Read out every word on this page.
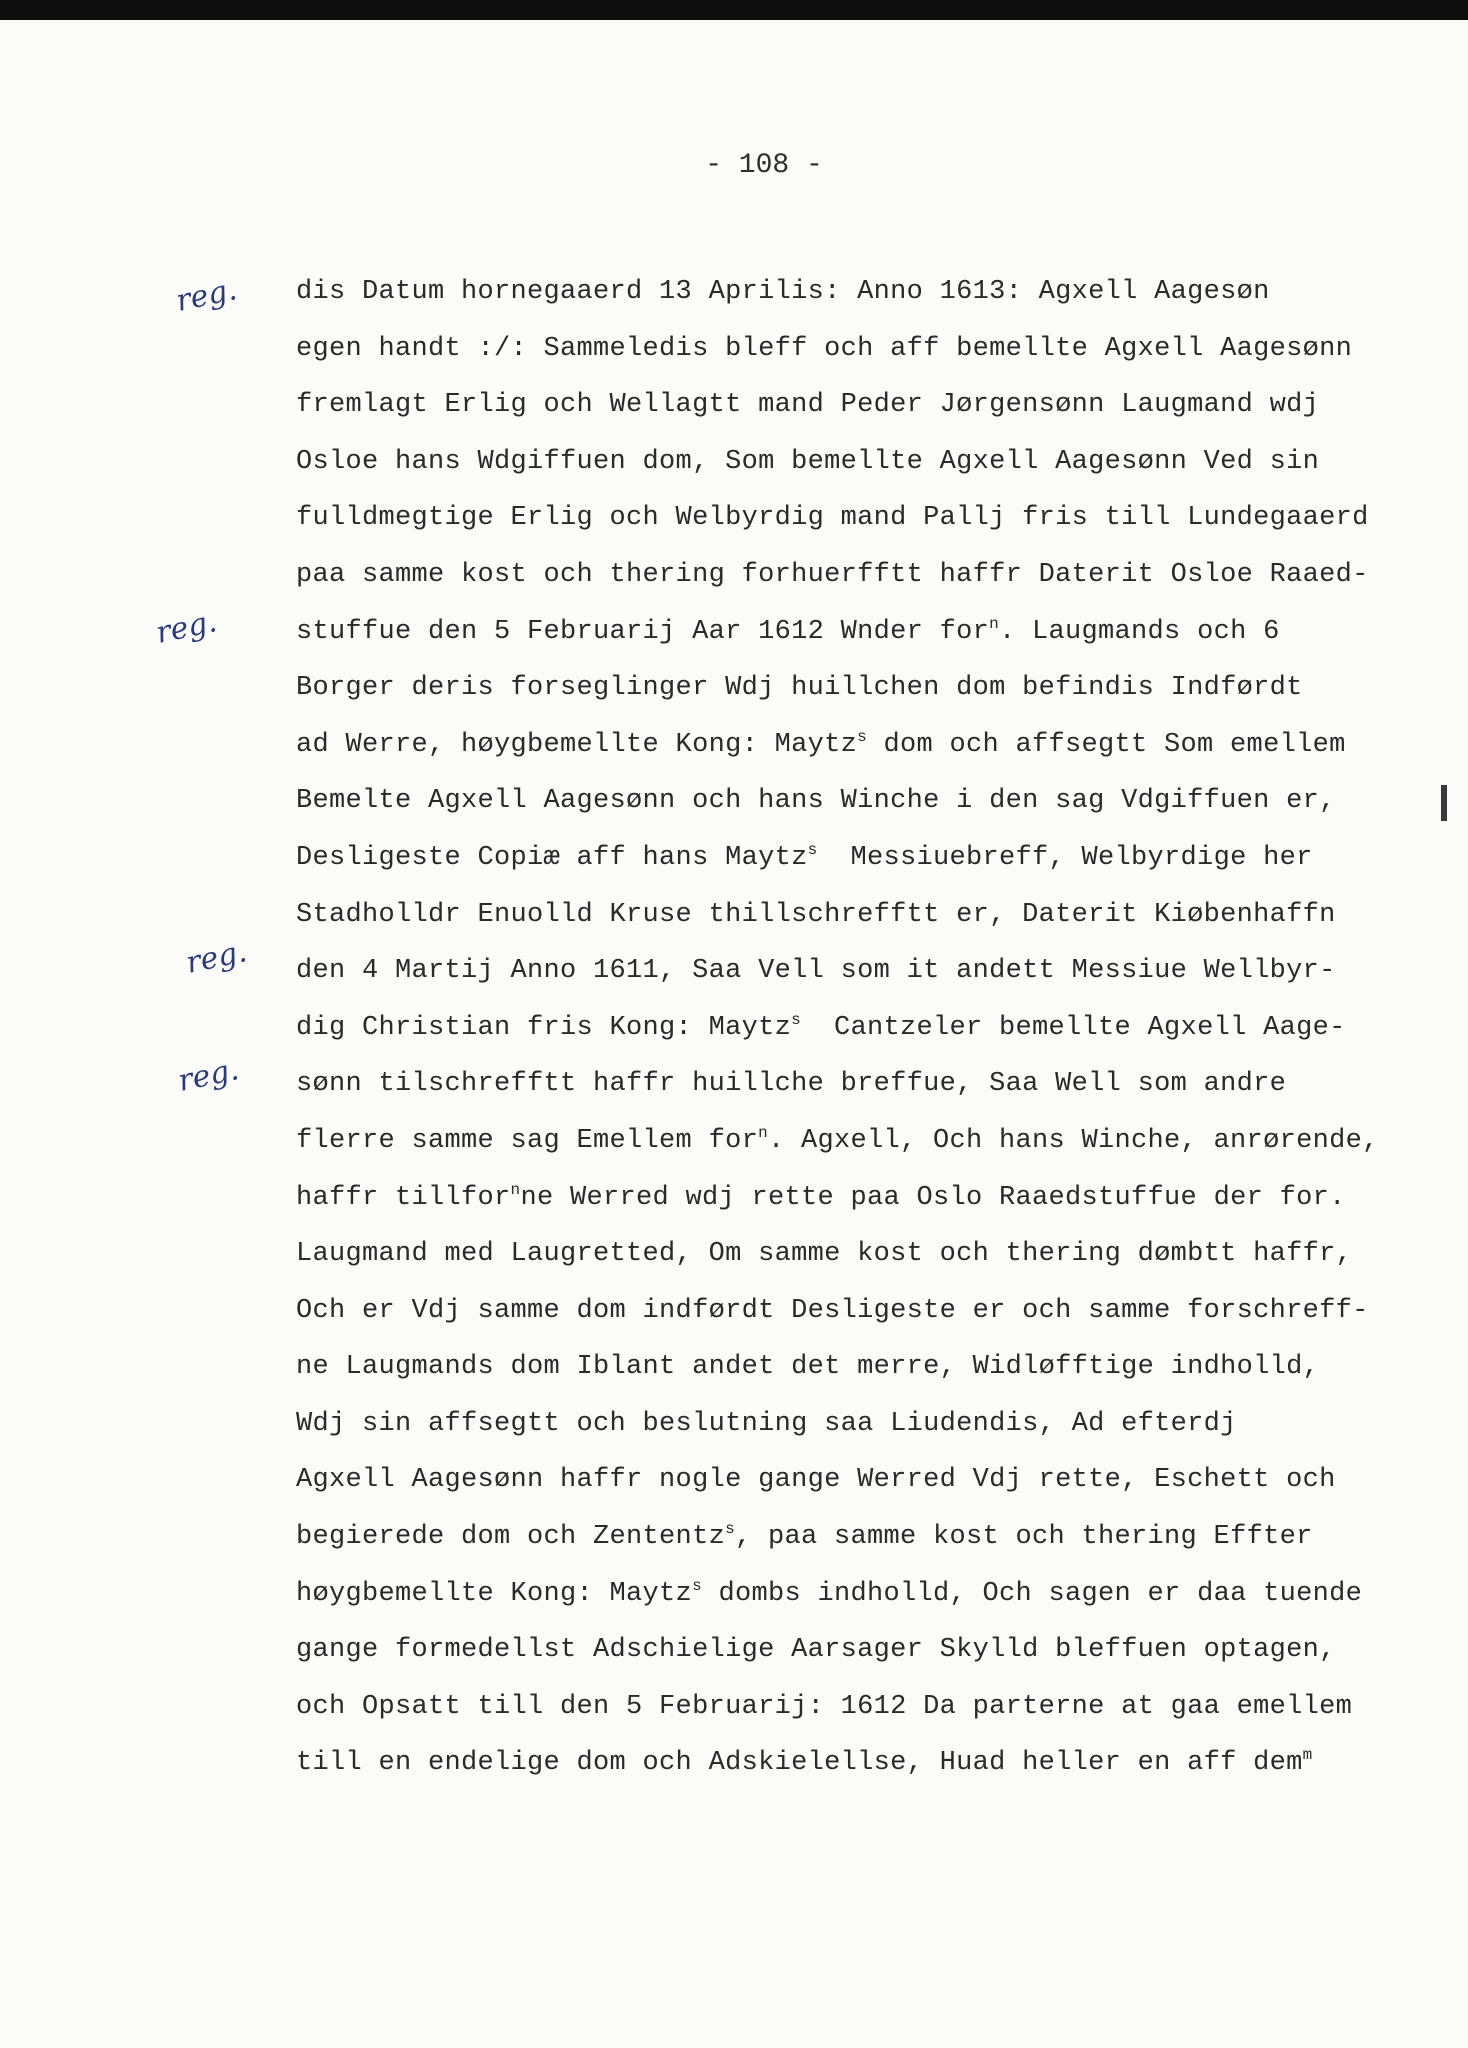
- 108 -
reg.
reg.
reg.
reg.
dis Datum hornegaaerd 13 Aprilis: Anno 1613: Agxell Aagesøn
egen handt :/: Sammeledis bleff och aff bemellte Agxell Aagesønn
fremlagt Erlig och Wellagtt mand Peder Jørgensønn Laugmand wdj
Osloe hans Wdgiffuen dom, Som bemellte Agxell Aagesønn Ved sin
fulldmegtige Erlig och Welbyrdig mand Pallj fris till Lundegaaerd
paa samme kost och thering forhuerfftt haffr Daterit Osloe Raaed-
stuffue den 5 Februarij Aar 1612 Wnder for$^n$. Laugmands och 6
Borger deris forseglinger Wdj huillchen dom befindis Indførdt
ad Werre, høygbemellte Kong: Maytz$^s$ dom och affsegtt Som emellem
Bemelte Agxell Aagesønn och hans Winche i den sag Vdgiffuen er,
Desligeste Copiæ aff hans Maytz$^s$  Messiuebreff, Welbyrdige her
Stadholldr Enuolld Kruse thillschrefftt er, Daterit Kiøbenhaffn
den 4 Martij Anno 1611, Saa Vell som it andett Messiue Wellbyr-
dig Christian fris Kong: Maytz$^s$  Cantzeler bemellte Agxell Aage-
sønn tilschrefftt haffr huillche breffue, Saa Well som andre
flerre samme sag Emellem for$^n$. Agxell, Och hans Winche, anrørende,
haffr tillfor$^n$ne Werred wdj rette paa Oslo Raaedstuffue der for.
Laugmand med Laugretted, Om samme kost och thering dømbtt haffr,
Och er Vdj samme dom indførdt Desligeste er och samme forschreff-
ne Laugmands dom Iblant andet det merre, Widløfftige indholld,
Wdj sin affsegtt och beslutning saa Liudendis, Ad efterdj
Agxell Aagesønn haffr nogle gange Werred Vdj rette, Eschett och
begierede dom och Zententz$^s$, paa samme kost och thering Effter
høygbemellte Kong: Maytz$^s$ dombs indholld, Och sagen er daa tuende
gange formedellst Adschielige Aarsager Skylld bleffuen optagen,
och Opsatt till den 5 Februarij: 1612 Da parterne at gaa emellem
till en endelige dom och Adskielellse, Huad heller en aff dem$^m$
